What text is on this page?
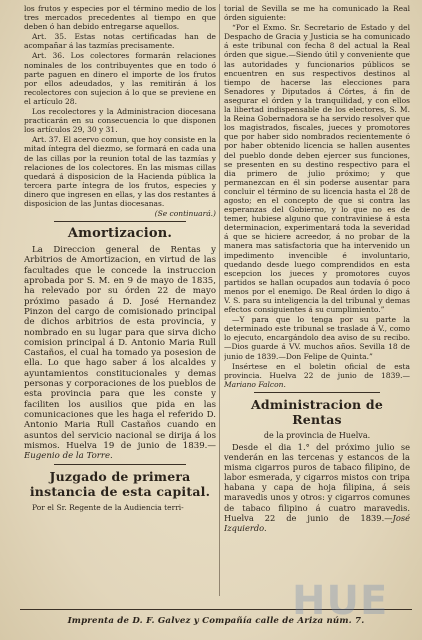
los frutos y especies por el término medio de los tres mercados precedentes al tiempo en que deben ó han debido entregarse aquellos.

Art. 35. Estas notas certificadas han de acompañar á las tazmías precisamente.

Art. 36. Los colectores formarán relaciones nominales de los contribuyentes que en todo ó parte paguen en dinero el importe de los frutos por ellos adeudados, y las remitirán á los recolectores con sujecion á lo que se previene en el artículo 28.

Los recolectores y la Administracion diocesana practicarán en su consecuencia lo que disponen los artículos 29, 30 y 31.

Art. 37. El acervo comun, que hoy consiste en la mitad íntegra del diezmo, se formará en cada una de las cillas por la reunion total de las tazmías y relaciones de los colectores. En las mismas cillas quedará á disposicion de la Hacienda pública la tercera parte íntegra de los frutos, especies y dinero que ingresen en ellas, y las dos restantes á disposicion de las Juntas diocesanas.

(Se continuará.)

Amortizacion.

La Direccion general de Rentas y Arbitrios de Amortizacion, en virtud de las facultades que le concede la instruccion aprobada por S. M. en 9 de mayo de 1835, ha relevado por su órden 22 de mayo próximo pasado á D. José Hernandez Pinzon del cargo de comisionado principal de dichos arbitrios de esta provincia, y nombrado en su lugar para que sirva dicho comision principal á D. Antonio Maria Rull Castaños, el cual ha tomado ya posesion de ella. Lo que hago saber á los alcaldes y ayuntamientos constitucionales y demas personas y corporaciones de los pueblos de esta provincia para que les conste y faciliten los ausilios que pida en las comunicaciones que les haga el referido D. Antonio Maria Rull Castaños cuando en asuntos del servicio nacional se dirija á los mismos. Huelva 19 de junio de 1839.—Eugenio de la Torre.

Juzgado de primera instancia de esta capital.

Por el Sr. Regente de la Audiencia terri-

torial de Sevilla se me ha comunicado la Real órden siguiente:

“Por el Exmo. Sr. Secretario de Estado y del Despacho de Gracia y Justicia se ha comunicado á este tribunal con fecha 8 del actual la Real órden que sigue.—Siendo útil y conveniente que las autoridades y funcionarios públicos se encuentren en sus respectivos destinos al tiempo de hacerse las elecciones para Senadores y Diputados á Córtes, á fin de asegurar el órden y la tranquilidad, y con ellos la libertad indispensable de los electores, S. M. la Reina Gobernadora se ha servido resolver que los magistrados, fiscales, jueces y promotores que por haber sido nombrados recientemente ó por haber obtenido licencia se hallen ausentes del pueblo donde deben ejercer sus funciones, se presenten en su destino respectivo para el dia primero de julio próximo; y que permanezcan en él sin poderse ausentar para concluir el término de su licencia hasta el 28 de agosto; en el concepto de que si contra las esperanzas del Gobierno, y lo que no es de temer, hubiese alguno que contraviniese á esta determinacion, experimentará toda la severidad á que se hiciere acreedor, á no probar de la manera mas satisfactoria que ha intervenido un impedimento invencible é involuntario, quedando desde luego comprendidos en esta escepcion los jueces y promotores cuyos partidos se hallan ocupados aun todavía ó poco menos por el enemigo. De Real órden lo digo á V. S. para su inteligencia la del tribunal y demas efectos consiguientes á su cumplimiento.”

—Y para que lo tenga por su parte la determinado este tribunal se traslade á V., como lo ejecuto, encargándolo dea aviso de su recibo.—Dios guarde á VV. muchos años. Sevilla 18 de junio de 1839.—Don Felipe de Quinta.”

Insértese en el boletin oficial de esta provincia. Huelva 22 de junio de 1839.—Mariano Falcon.

Administracion de Rentas

de la provincia de Huelva.

Desde el dia 1.° del próximo julio se venderán en las tercenas y estancos de la misma cigarros puros de tabaco filipino, de labor esmerada, y cigarros mistos con tripa habana y capa de hoja filipina, á seis maravedis unos y otros: y cigarros comunes de tabaco filipino á cuatro maravedis. Huelva 22 de junio de 1839.—José Izquierdo.

Imprenta de D. F. Galvez y Compañía calle de Ariza núm. 7.
HUE
